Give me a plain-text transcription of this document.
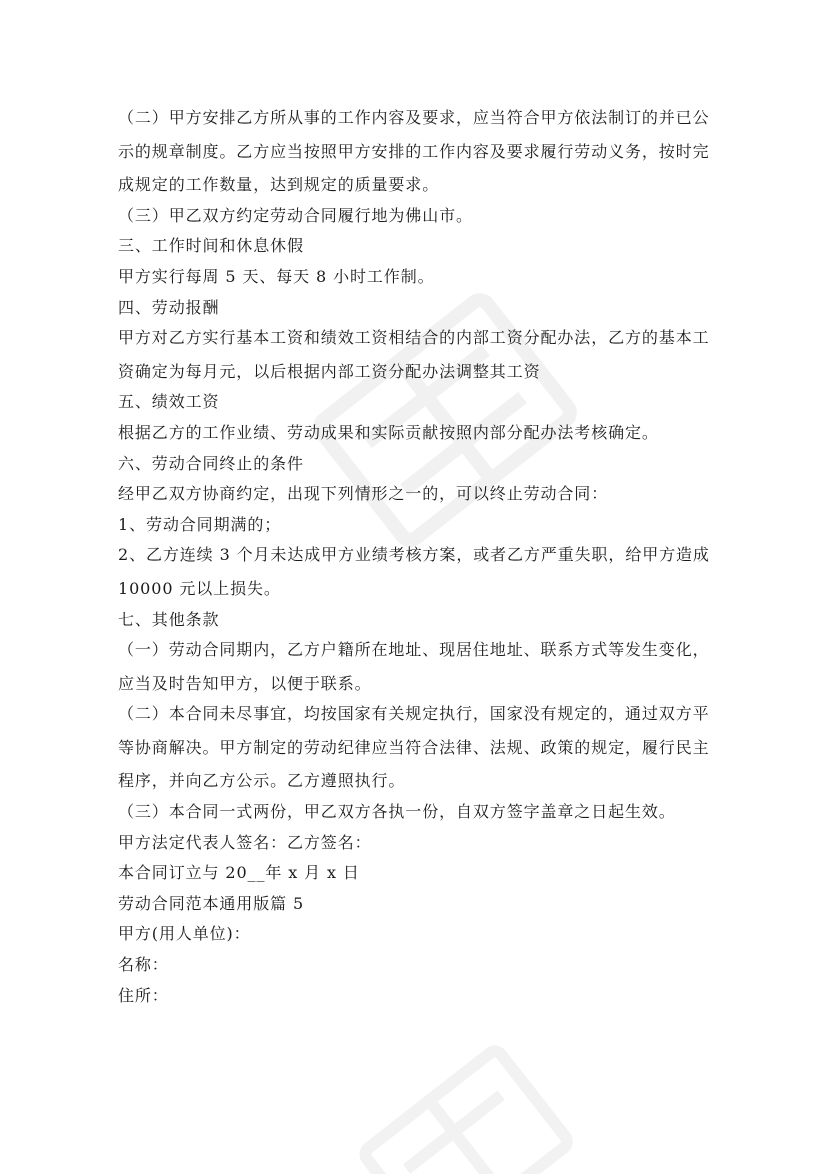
（二）甲方安排乙方所从事的工作内容及要求，应当符合甲方依法制订的并已公

示的规章制度。乙方应当按照甲方安排的工作内容及要求履行劳动义务，按时完

成规定的工作数量，达到规定的质量要求。

（三）甲乙双方约定劳动合同履行地为佛山市。

三、工作时间和休息休假

甲方实行每周 5 天、每天 8 小时工作制。

四、劳动报酬

甲方对乙方实行基本工资和绩效工资相结合的内部工资分配办法，乙方的基本工

资确定为每月元，以后根据内部工资分配办法调整其工资

五、绩效工资

根据乙方的工作业绩、劳动成果和实际贡献按照内部分配办法考核确定。

六、劳动合同终止的条件

经甲乙双方协商约定，出现下列情形之一的，可以终止劳动合同：

1、劳动合同期满的；

2、乙方连续 3 个月未达成甲方业绩考核方案，或者乙方严重失职，给甲方造成

10000 元以上损失。

七、其他条款

（一）劳动合同期内，乙方户籍所在地址、现居住地址、联系方式等发生变化，

应当及时告知甲方，以便于联系。

（二）本合同未尽事宜，均按国家有关规定执行，国家没有规定的，通过双方平

等协商解决。甲方制定的劳动纪律应当符合法律、法规、政策的规定，履行民主

程序，并向乙方公示。乙方遵照执行。

（三）本合同一式两份，甲乙双方各执一份，自双方签字盖章之日起生效。

甲方法定代表人签名：乙方签名：

本合同订立与 20__年 x 月 x 日

劳动合同范本通用版篇 5

甲方(用人单位)：

名称：

住所：
